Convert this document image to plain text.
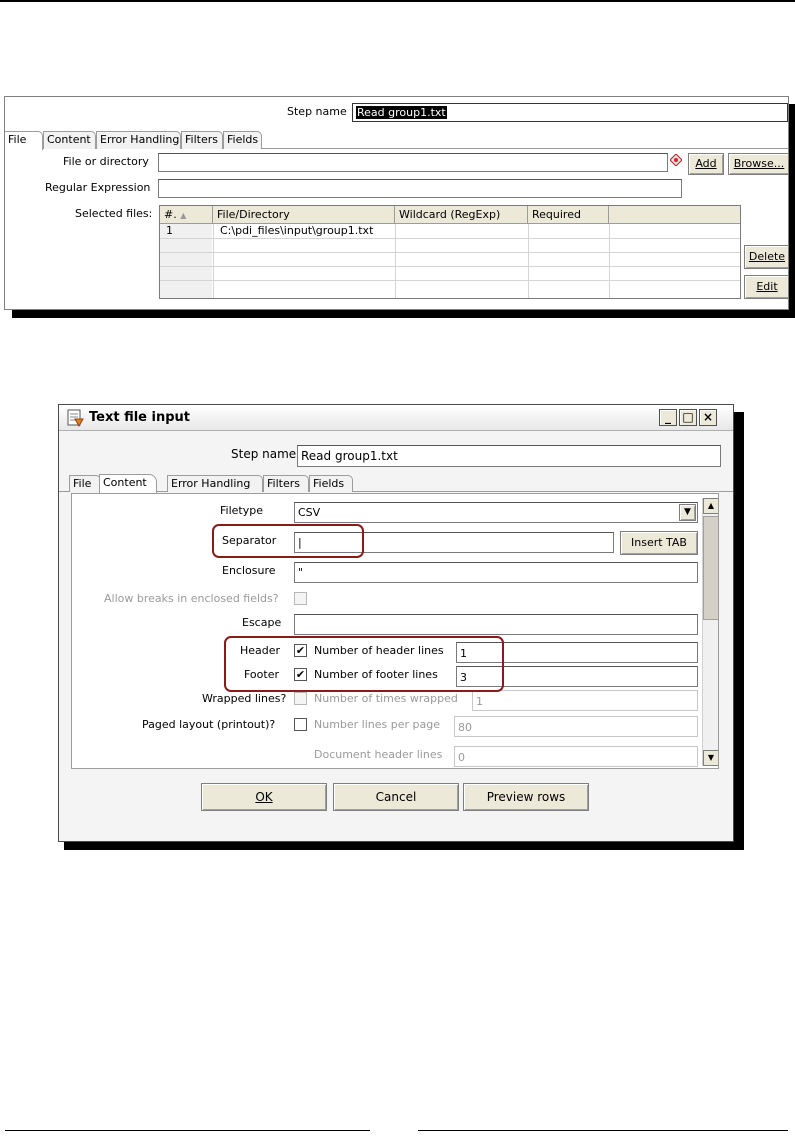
Step name Read group1.txt
File	Content Error Handling Filters Fields
File or directory	Add	Browse...
Regular Expression
Selected files:	#. ▲	File/Directory	Wildcard (RegExp)	Required
1	C:\pdi_files\input\group1.txt
Delete
Edit
Text file input	_ □ ×
Step name Read group1.txt
File	Content	Error Handling	Filters	Fields
Filetype	CSV	▼
Separator	|	Insert TAB
Enclosure	"
Allow breaks in enclosed fields?
Escape
Header ✔ Number of header lines	1
Footer ✔ Number of footer lines	3
Wrapped lines?	Number of times wrapped	1
Paged layout (printout)?	Number lines per page	80
Document header lines	0
▲
▼
OK	Cancel	Preview rows
